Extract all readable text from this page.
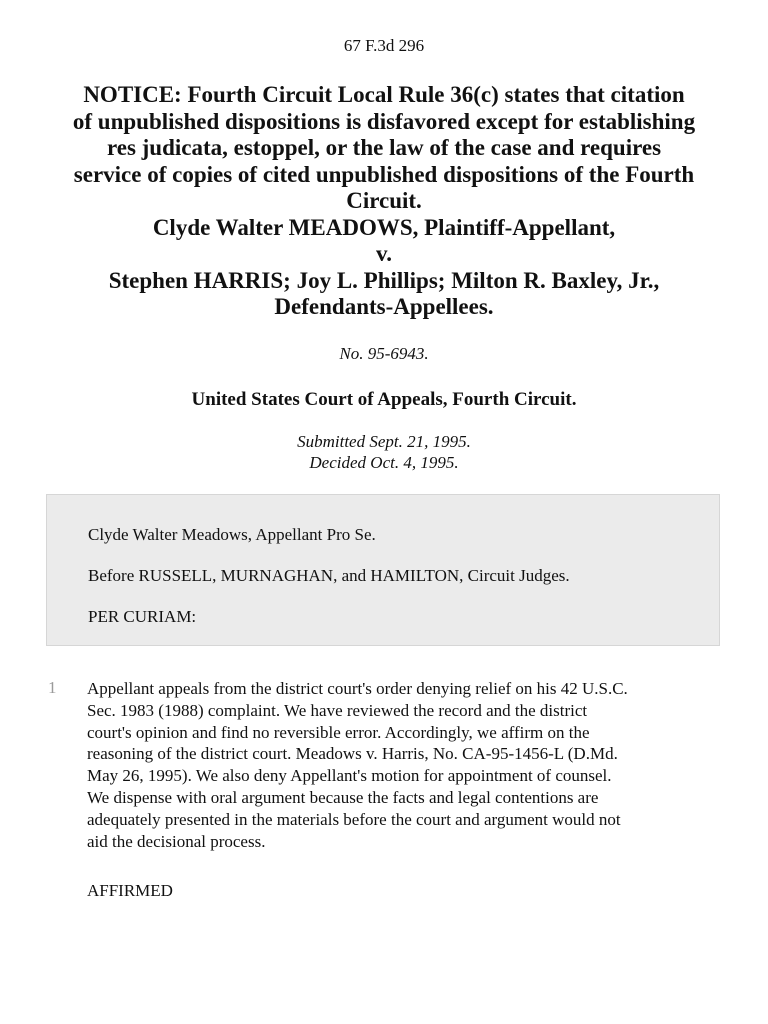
67 F.3d 296
NOTICE: Fourth Circuit Local Rule 36(c) states that citation
of unpublished dispositions is disfavored except for establishing
res judicata, estoppel, or the law of the case and requires
service of copies of cited unpublished dispositions of the Fourth
Circuit.
Clyde Walter MEADOWS, Plaintiff-Appellant,
v.
Stephen HARRIS; Joy L. Phillips; Milton R. Baxley, Jr.,
Defendants-Appellees.
No. 95-6943.
United States Court of Appeals, Fourth Circuit.
Submitted Sept. 21, 1995.
Decided Oct. 4, 1995.
Clyde Walter Meadows, Appellant Pro Se.
Before RUSSELL, MURNAGHAN, and HAMILTON, Circuit Judges.
PER CURIAM:
1 Appellant appeals from the district court's order denying relief on his 42 U.S.C.
Sec. 1983 (1988) complaint. We have reviewed the record and the district
court's opinion and find no reversible error. Accordingly, we affirm on the
reasoning of the district court. Meadows v. Harris, No. CA-95-1456-L (D.Md.
May 26, 1995). We also deny Appellant's motion for appointment of counsel.
We dispense with oral argument because the facts and legal contentions are
adequately presented in the materials before the court and argument would not
aid the decisional process.
AFFIRMED
